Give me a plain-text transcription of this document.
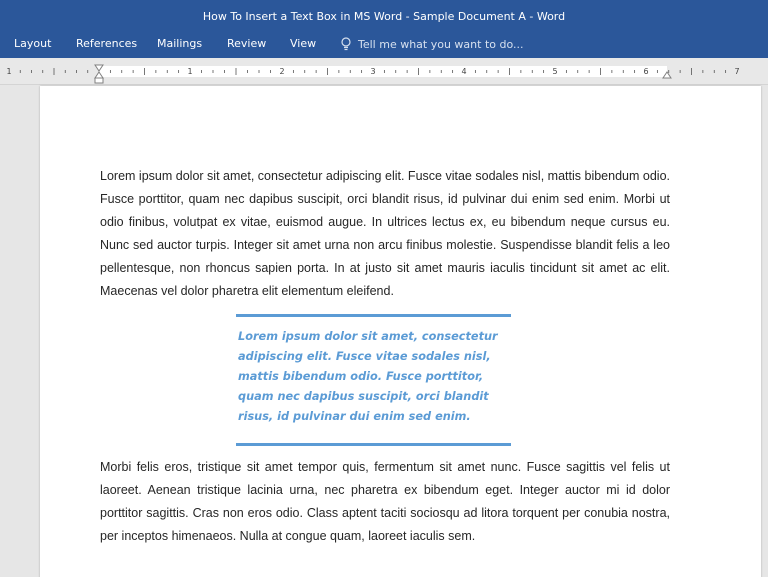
How To Insert a Text Box in MS Word - Sample Document A - Word
Layout References Mailings Review View	Tell me what you want to do...
1	1	2	3	4	5	6	7

Lorem ipsum dolor sit amet, consectetur adipiscing elit. Fusce vitae sodales nisl, mattis bibendum odio. Fusce porttitor, quam nec dapibus suscipit, orci blandit risus, id pulvinar dui enim sed enim. Morbi ut odio finibus, volutpat ex vitae, euismod augue. In ultrices lectus ex, eu bibendum neque cursus eu. Nunc sed auctor turpis. Integer sit amet urna non arcu finibus molestie. Suspendisse blandit felis a leo pellentesque, non rhoncus sapien porta. In at justo sit amet mauris iaculis tincidunt sit amet ac elit. Maecenas vel dolor pharetra elit elementum eleifend.

Lorem ipsum dolor sit amet, consectetur adipiscing elit. Fusce vitae sodales nisl, mattis bibendum odio. Fusce porttitor, quam nec dapibus suscipit, orci blandit risus, id pulvinar dui enim sed enim.

Morbi felis eros, tristique sit amet tempor quis, fermentum sit amet nunc. Fusce sagittis vel felis ut laoreet. Aenean tristique lacinia urna, nec pharetra ex bibendum eget. Integer auctor mi id dolor porttitor sagittis. Cras non eros odio. Class aptent taciti sociosqu ad litora torquent per conubia nostra, per inceptos himenaeos. Nulla at congue quam, laoreet iaculis sem.
